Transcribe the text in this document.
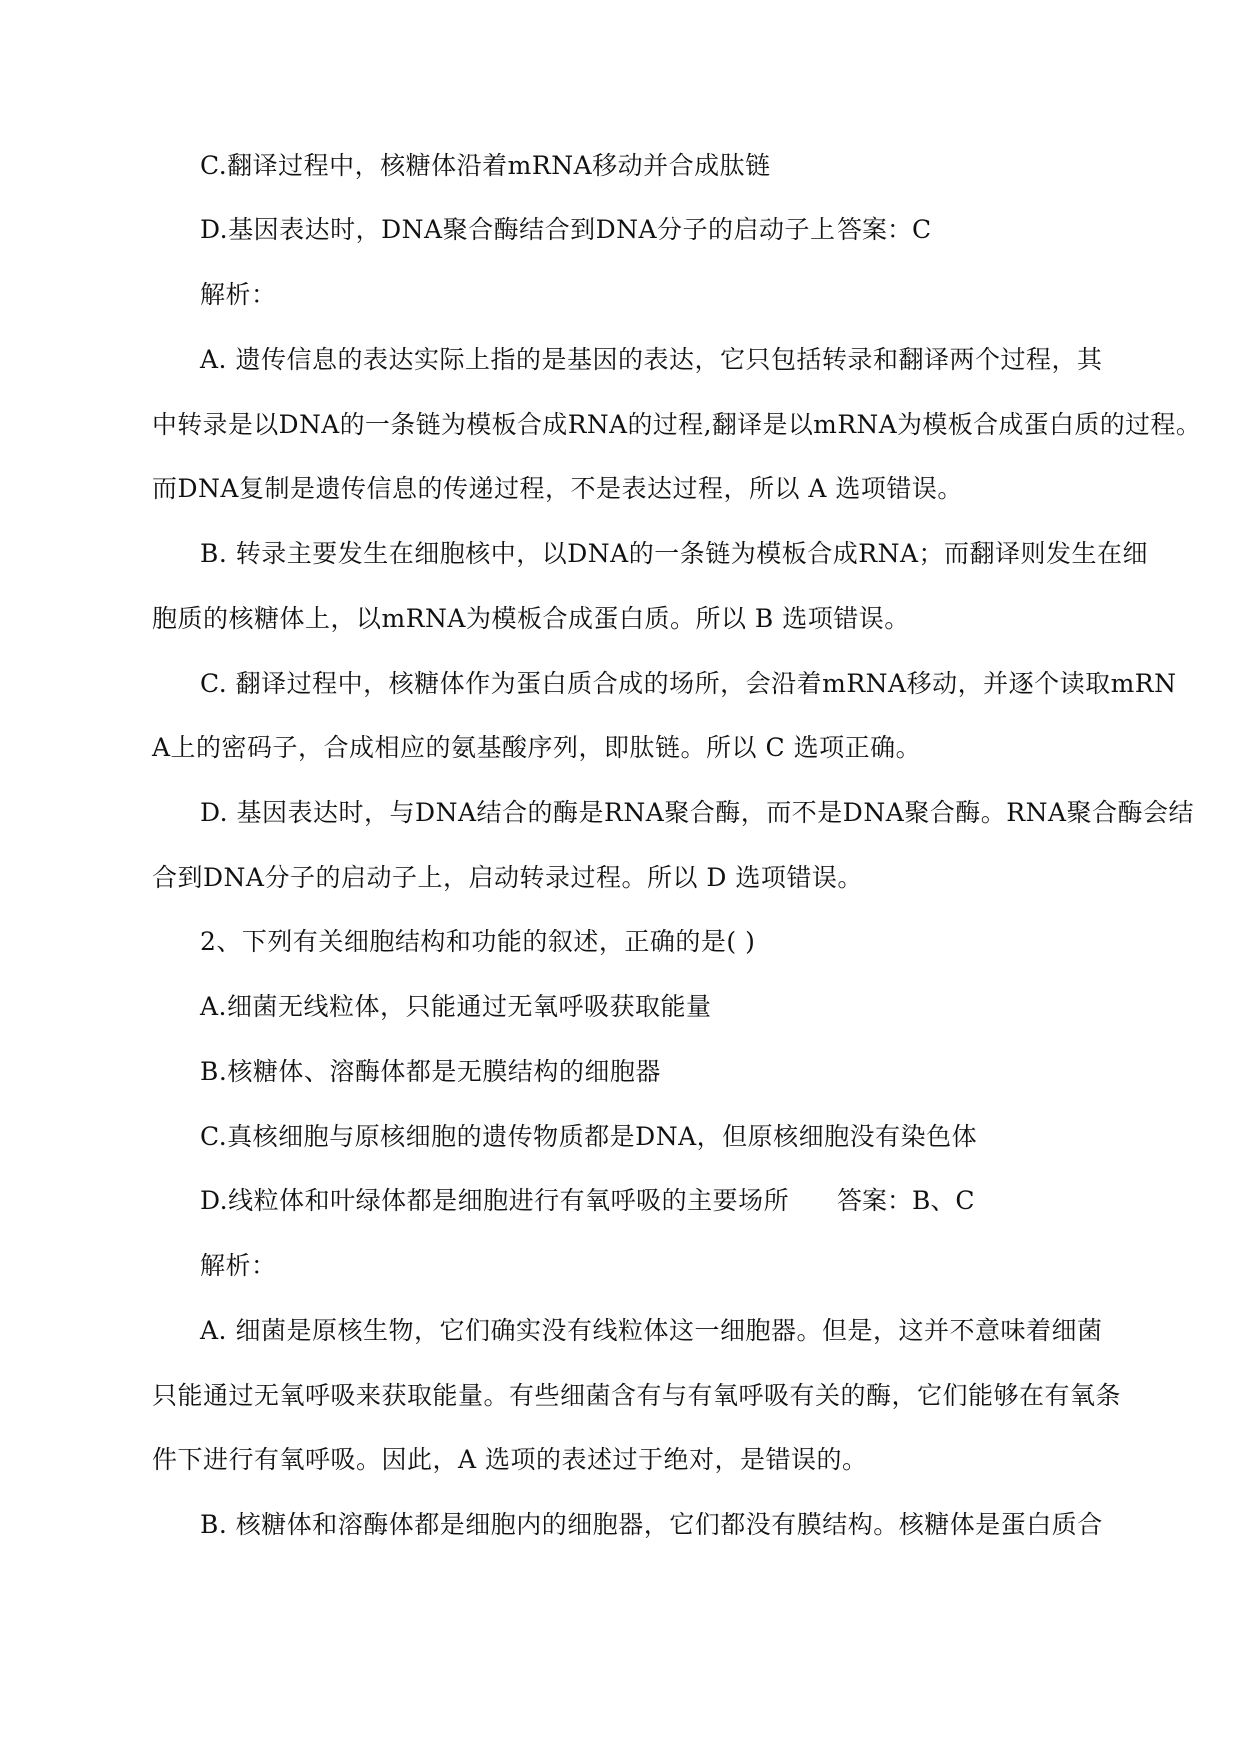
C.翻译过程中，核糖体沿着mRNA移动并合成肽链
D.基因表达时，DNA聚合酶结合到DNA分子的启动子上 答案：C
解析：
A. 遗传信息的表达实际上指的是基因的表达，它只包括转录和翻译两个过程，其
中转录是以DNA的一条链为模板合成RNA的过程,翻译是以mRNA为模板合成蛋白质的过程。
而DNA复制是遗传信息的传递过程，不是表达过程，所以 A 选项错误。
B. 转录主要发生在细胞核中，以DNA的一条链为模板合成RNA；而翻译则发生在细
胞质的核糖体上，以mRNA为模板合成蛋白质。所以 B 选项错误。
C. 翻译过程中，核糖体作为蛋白质合成的场所，会沿着mRNA移动，并逐个读取mRN
A上的密码子，合成相应的氨基酸序列，即肽链。所以 C 选项正确。
D. 基因表达时，与DNA结合的酶是RNA聚合酶，而不是DNA聚合酶。RNA聚合酶会结
合到DNA分子的启动子上，启动转录过程。所以 D 选项错误。
2、下列有关细胞结构和功能的叙述，正确的是( )
A.细菌无线粒体，只能通过无氧呼吸获取能量
B.核糖体、溶酶体都是无膜结构的细胞器
C.真核细胞与原核细胞的遗传物质都是DNA，但原核细胞没有染色体
D.线粒体和叶绿体都是细胞进行有氧呼吸的主要场所 答案：B、C
解析：
A. 细菌是原核生物，它们确实没有线粒体这一细胞器。但是，这并不意味着细菌
只能通过无氧呼吸来获取能量。有些细菌含有与有氧呼吸有关的酶，它们能够在有氧条
件下进行有氧呼吸。因此，A 选项的表述过于绝对，是错误的。
B. 核糖体和溶酶体都是细胞内的细胞器，它们都没有膜结构。核糖体是蛋白质合
